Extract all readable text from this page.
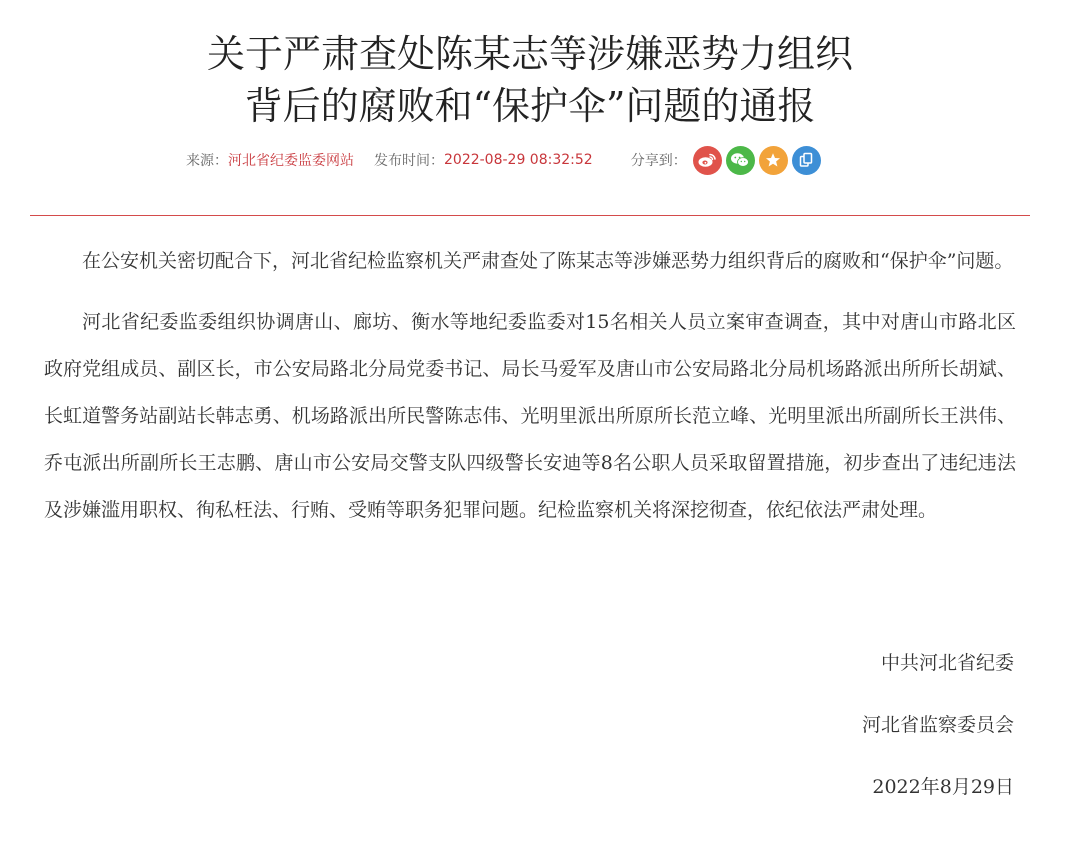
关于严肃查处陈某志等涉嫌恶势力组织
背后的腐败和“保护伞”问题的通报
来源： 河北省纪委监委网站 发布时间： 2022-08-29 08:32:52	分享到：

在公安机关密切配合下，河北省纪检监察机关严肃查处了陈某志等涉嫌恶势力组织背后的腐败和“保护伞”问题。

河北省纪委监委组织协调唐山、廊坊、衡水等地纪委监委对15名相关人员立案审查调查，其中对唐山市路北区政府党组成员、副区长，市公安局路北分局党委书记、局长马爱军及唐山市公安局路北分局机场路派出所所长胡斌、长虹道警务站副站长韩志勇、机场路派出所民警陈志伟、光明里派出所原所长范立峰、光明里派出所副所长王洪伟、乔屯派出所副所长王志鹏、唐山市公安局交警支队四级警长安迪等8名公职人员采取留置措施，初步查出了违纪违法及涉嫌滥用职权、徇私枉法、行贿、受贿等职务犯罪问题。纪检监察机关将深挖彻查，依纪依法严肃处理。

中共河北省纪委
河北省监察委员会
2022年8月29日
